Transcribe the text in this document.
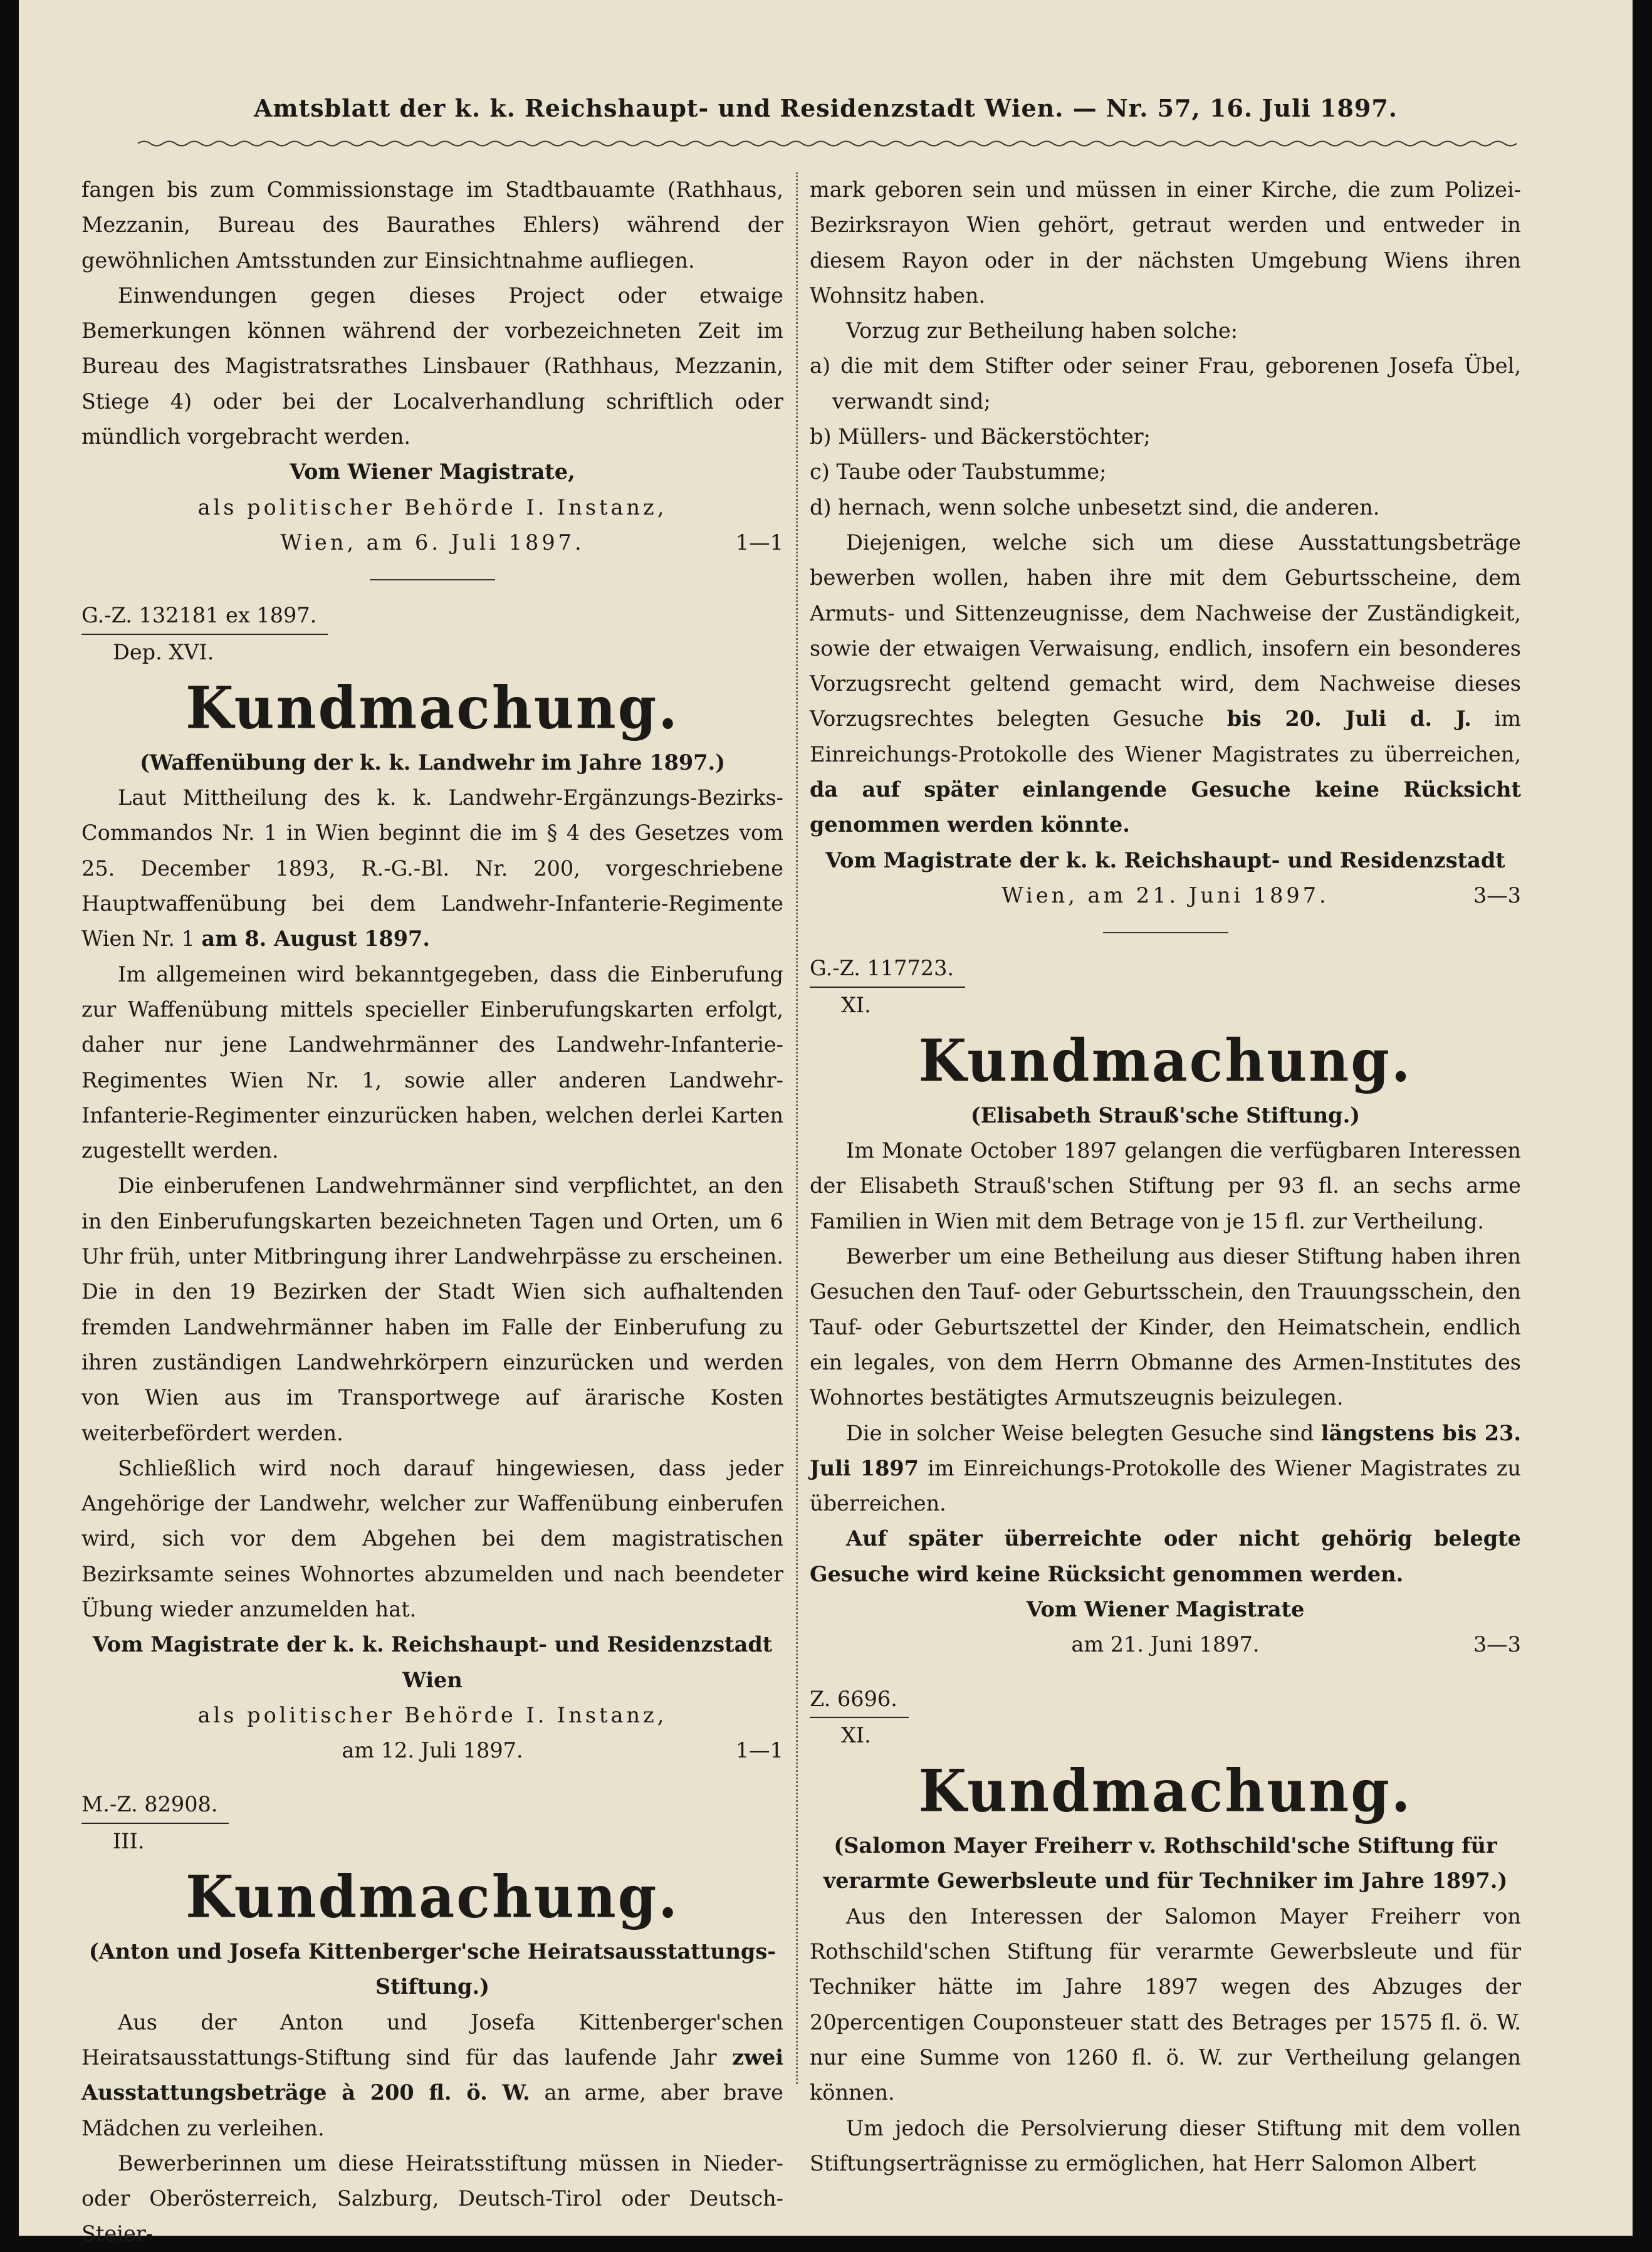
Amtsblatt der k. k. Reichshaupt- und Residenzstadt Wien. — Nr. 57, 16. Juli 1897.

fangen bis zum Commissionstage im Stadtbauamte (Rathhaus, Mezzanin, Bureau des Baurathes Ehlers) während der gewöhnlichen Amtsstunden zur Einsichtnahme aufliegen.

Einwendungen gegen dieses Project oder etwaige Bemerkungen können während der vorbezeichneten Zeit im Bureau des Magistratsrathes Linsbauer (Rathhaus, Mezzanin, Stiege 4) oder bei der Localverhandlung schriftlich oder mündlich vorgebracht werden.

Vom Wiener Magistrate,

als politischer Behörde I. Instanz,

Wien, am 6. Juli 1897.	1—1

G.-Z. 132181 ex 1897.

Dep. XVI.

Kundmachung.

(Waffenübung der k. k. Landwehr im Jahre 1897.)

Laut Mittheilung des k. k. Landwehr-Ergänzungs-Bezirks-Commandos Nr. 1 in Wien beginnt die im § 4 des Gesetzes vom 25. December 1893, R.-G.-Bl. Nr. 200, vorgeschriebene Hauptwaffenübung bei dem Landwehr-Infanterie-Regimente Wien Nr. 1 am 8. August 1897.

Im allgemeinen wird bekanntgegeben, dass die Einberufung zur Waffenübung mittels specieller Einberufungskarten erfolgt, daher nur jene Landwehrmänner des Landwehr-Infanterie-Regimentes Wien Nr. 1, sowie aller anderen Landwehr-Infanterie-Regimenter einzurücken haben, welchen derlei Karten zugestellt werden.

Die einberufenen Landwehrmänner sind verpflichtet, an den in den Einberufungskarten bezeichneten Tagen und Orten, um 6 Uhr früh, unter Mitbringung ihrer Landwehrpässe zu erscheinen. Die in den 19 Bezirken der Stadt Wien sich aufhaltenden fremden Landwehrmänner haben im Falle der Einberufung zu ihren zuständigen Landwehrkörpern einzurücken und werden von Wien aus im Transportwege auf ärarische Kosten weiterbefördert werden.

Schließlich wird noch darauf hingewiesen, dass jeder Angehörige der Landwehr, welcher zur Waffenübung einberufen wird, sich vor dem Abgehen bei dem magistratischen Bezirksamte seines Wohnortes abzumelden und nach beendeter Übung wieder anzumelden hat.

Vom Magistrate der k. k. Reichshaupt- und Residenzstadt Wien

als politischer Behörde I. Instanz,

am 12. Juli 1897.	1—1

M.-Z. 82908.

III.

Kundmachung.

(Anton und Josefa Kittenberger'sche Heiratsausstattungs-Stiftung.)

Aus der Anton und Josefa Kittenberger'schen Heiratsausstattungs-Stiftung sind für das laufende Jahr zwei Ausstattungsbeträge à 200 fl. ö. W. an arme, aber brave Mädchen zu verleihen.

Bewerberinnen um diese Heiratsstiftung müssen in Nieder- oder Oberösterreich, Salzburg, Deutsch-Tirol oder Deutsch-Steier-

mark geboren sein und müssen in einer Kirche, die zum Polizei-Bezirksrayon Wien gehört, getraut werden und entweder in diesem Rayon oder in der nächsten Umgebung Wiens ihren Wohnsitz haben.

Vorzug zur Betheilung haben solche:

a) die mit dem Stifter oder seiner Frau, geborenen Josefa Übel, verwandt sind;

b) Müllers- und Bäckerstöchter;

c) Taube oder Taubstumme;

d) hernach, wenn solche unbesetzt sind, die anderen.

Diejenigen, welche sich um diese Ausstattungsbeträge bewerben wollen, haben ihre mit dem Geburtsscheine, dem Armuts- und Sittenzeugnisse, dem Nachweise der Zuständigkeit, sowie der etwaigen Verwaisung, endlich, insofern ein besonderes Vorzugsrecht geltend gemacht wird, dem Nachweise dieses Vorzugsrechtes belegten Gesuche bis 20. Juli d. J. im Einreichungs-Protokolle des Wiener Magistrates zu überreichen, da auf später einlangende Gesuche keine Rücksicht genommen werden könnte.

Vom Magistrate der k. k. Reichshaupt- und Residenzstadt

Wien, am 21. Juni 1897.	3—3

G.-Z. 117723.

XI.

Kundmachung.

(Elisabeth Strauß'sche Stiftung.)

Im Monate October 1897 gelangen die verfügbaren Interessen der Elisabeth Strauß'schen Stiftung per 93 fl. an sechs arme Familien in Wien mit dem Betrage von je 15 fl. zur Vertheilung.

Bewerber um eine Betheilung aus dieser Stiftung haben ihren Gesuchen den Tauf- oder Geburtsschein, den Trauungsschein, den Tauf- oder Geburtszettel der Kinder, den Heimatschein, endlich ein legales, von dem Herrn Obmanne des Armen-Institutes des Wohnortes bestätigtes Armutszeugnis beizulegen.

Die in solcher Weise belegten Gesuche sind längstens bis 23. Juli 1897 im Einreichungs-Protokolle des Wiener Magistrates zu überreichen.

Auf später überreichte oder nicht gehörig belegte Gesuche wird keine Rücksicht genommen werden.

Vom Wiener Magistrate

am 21. Juni 1897.	3—3

Z. 6696.

XI.

Kundmachung.

(Salomon Mayer Freiherr v. Rothschild'sche Stiftung für verarmte Gewerbsleute und für Techniker im Jahre 1897.)

Aus den Interessen der Salomon Mayer Freiherr von Rothschild'schen Stiftung für verarmte Gewerbsleute und für Techniker hätte im Jahre 1897 wegen des Abzuges der 20percentigen Couponsteuer statt des Betrages per 1575 fl. ö. W. nur eine Summe von 1260 fl. ö. W. zur Vertheilung gelangen können.

Um jedoch die Persolvierung dieser Stiftung mit dem vollen Stiftungserträgnisse zu ermöglichen, hat Herr Salomon Albert
